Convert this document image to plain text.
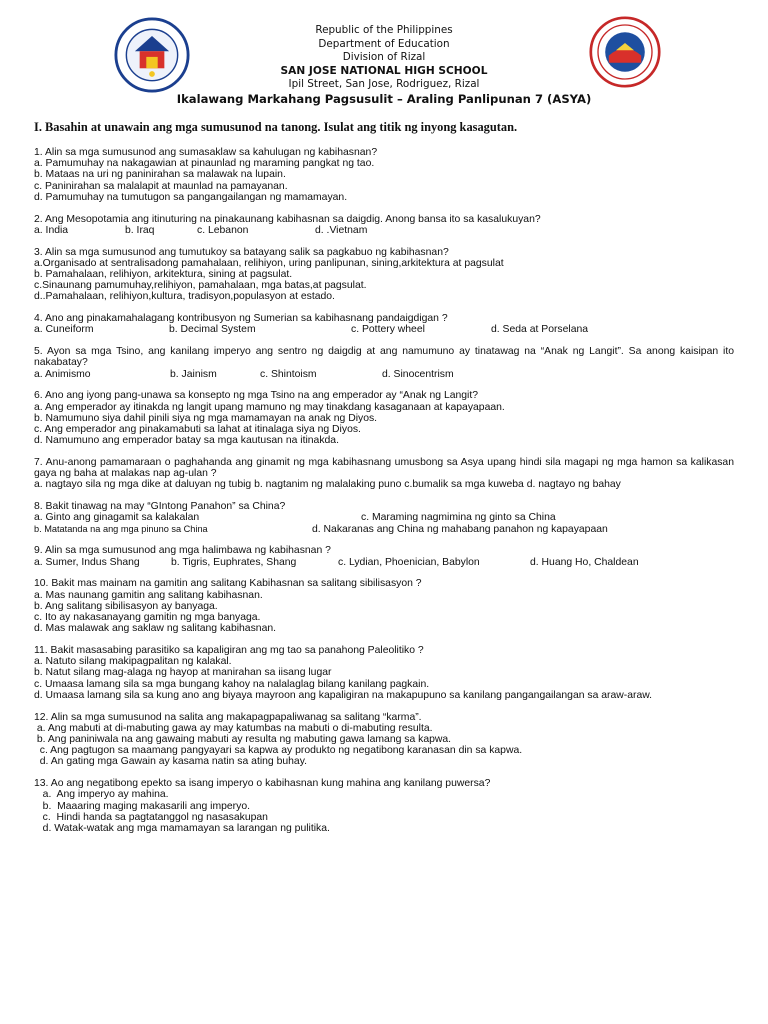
Republic of the Philippines
Department of Education
Division of Rizal
SAN JOSE NATIONAL HIGH SCHOOL
Ipil Street, San Jose, Rodriguez, Rizal
Ikalawang Markahang Pagsusulit – Araling Panlipunan 7 (ASYA)
I. Basahin at unawain ang mga sumusunod na tanong. Isulat ang titik ng inyong kasagutan.
1. Alin sa mga sumusunod ang sumasaklaw sa kahulugan ng kabihasnan?
a. Pamumuhay na nakagawian at pinaunlad ng maraming pangkat ng tao.
b. Mataas na uri ng paninirahan sa malawak na lupain.
c. Paninirahan sa malalapit at maunlad na pamayanan.
d. Pamumuhay na tumutugon sa pangangailangan ng mamamayan.
2. Ang Mesopotamia ang itinuturing na pinakaunang kabihasnan sa daigdig. Anong bansa ito sa kasalukuyan?
a. India	b. Iraq	c. Lebanon	d. .Vietnam
3. Alin sa mga sumusunod ang tumutukoy sa batayang salik sa pagkabuo ng kabihasnan?
a.Organisado at sentralisadong pamahalaan, relihiyon, uring panlipunan, sining,arkitektura at pagsulat
b. Pamahalaan, relihiyon, arkitektura, sining at pagsulat.
c.Sinaunang pamumuhay,relihiyon, pamahalaan, mga batas,at pagsulat.
d..Pamahalaan, relihiyon,kultura, tradisyon,populasyon at estado.
4. Ano ang pinakamahalagang kontribusyon ng Sumerian sa kabihasnang pandaigdigan ?
a. Cuneiform	b. Decimal System	c. Pottery wheel	d. Seda at Porselana
5. Ayon sa mga Tsino, ang kanilang imperyo ang sentro ng daigdig at ang namumuno ay tinatawag na “Anak ng Langit”. Sa anong kaisipan ito nakabatay?
a. Animismo	b. Jainism	c. Shintoism	d. Sinocentrism
6. Ano ang iyong pang-unawa sa konsepto ng mga Tsino na ang emperador ay “Anak ng Langit?
a. Ang emperador ay itinakda ng langit upang mamuno ng may tinakdang kasaganaan at kapayapaan.
b. Namumuno siya dahil pinili siya ng mga mamamayan na anak ng Diyos.
c. Ang emperador ang pinakamabuti sa lahat at itinalaga siya ng Diyos.
d. Namumuno ang emperador batay sa mga kautusan na itinakda.
7. Anu-anong pamamaraan o paghahanda ang ginamit ng mga kabihasnang umusbong sa Asya upang hindi sila magapi ng mga hamon sa kalikasan gaya ng baha at malakas nap ag-ulan ?
a. nagtayo sila ng mga dike at daluyan ng tubig b. nagtanim ng malalaking puno c.bumalik sa mga kuweba d. nagtayo ng bahay
8. Bakit tinawag na may “GIntong Panahon” sa China?
a. Ginto ang ginagamit sa kalakalan	c. Maraming nagmimina ng ginto sa China
b. Matatanda na ang mga pinuno sa China	d. Nakaranas ang China ng mahabang panahon ng kapayapaan
9. Alin sa mga sumusunod ang mga halimbawa ng kabihasnan ?
a. Sumer, Indus Shang	b. Tigris, Euphrates, Shang	c. Lydian, Phoenician, Babylon	d. Huang Ho, Chaldean
10. Bakit mas mainam na gamitin ang salitang Kabihasnan sa salitang sibilisasyon ?
a. Mas naunang gamitin ang salitang kabihasnan.
b. Ang salitang sibilisasyon ay banyaga.
c. Ito ay nakasanayang gamitin ng mga banyaga.
d. Mas malawak ang saklaw ng salitang kabihasnan.
11. Bakit masasabing parasitiko sa kapaligiran ang mg tao sa panahong Paleolitiko ?
a. Natuto silang makipagpalitan ng kalakal.
b. Natut silang mag-alaga ng hayop at manirahan sa iisang lugar
c. Umaasa lamang sila sa mga bungang kahoy na nalalaglag bilang kanilang pagkain.
d. Umaasa lamang sila sa kung ano ang biyaya mayroon ang kapaligiran na makapupuno sa kanilang pangangailangan sa araw-araw.
12. Alin sa mga sumusunod na salita ang makapagpapaliwanag sa salitang “karma”.
a. Ang mabuti at di-mabuting gawa ay may katumbas na mabuti o di-mabuting resulta.
b. Ang paniniwala na ang gawaing mabuti ay resulta ng mabuting gawa lamang sa kapwa.
c. Ang pagtugon sa maamang pangyayari sa kapwa ay produkto ng negatibong karanasan din sa kapwa.
d. An gating mga Gawain ay kasama natin sa ating buhay.
13. Ao ang negatibong epekto sa isang imperyo o kabihasnan kung mahina ang kanilang puwersa?
a.  Ang imperyo ay mahina.
b.  Maaaring maging makasarili ang imperyo.
c.  Hindi handa sa pagtatanggol ng nasasakupan
d. Watak-watak ang mga mamamayan sa larangan ng pulitika.
